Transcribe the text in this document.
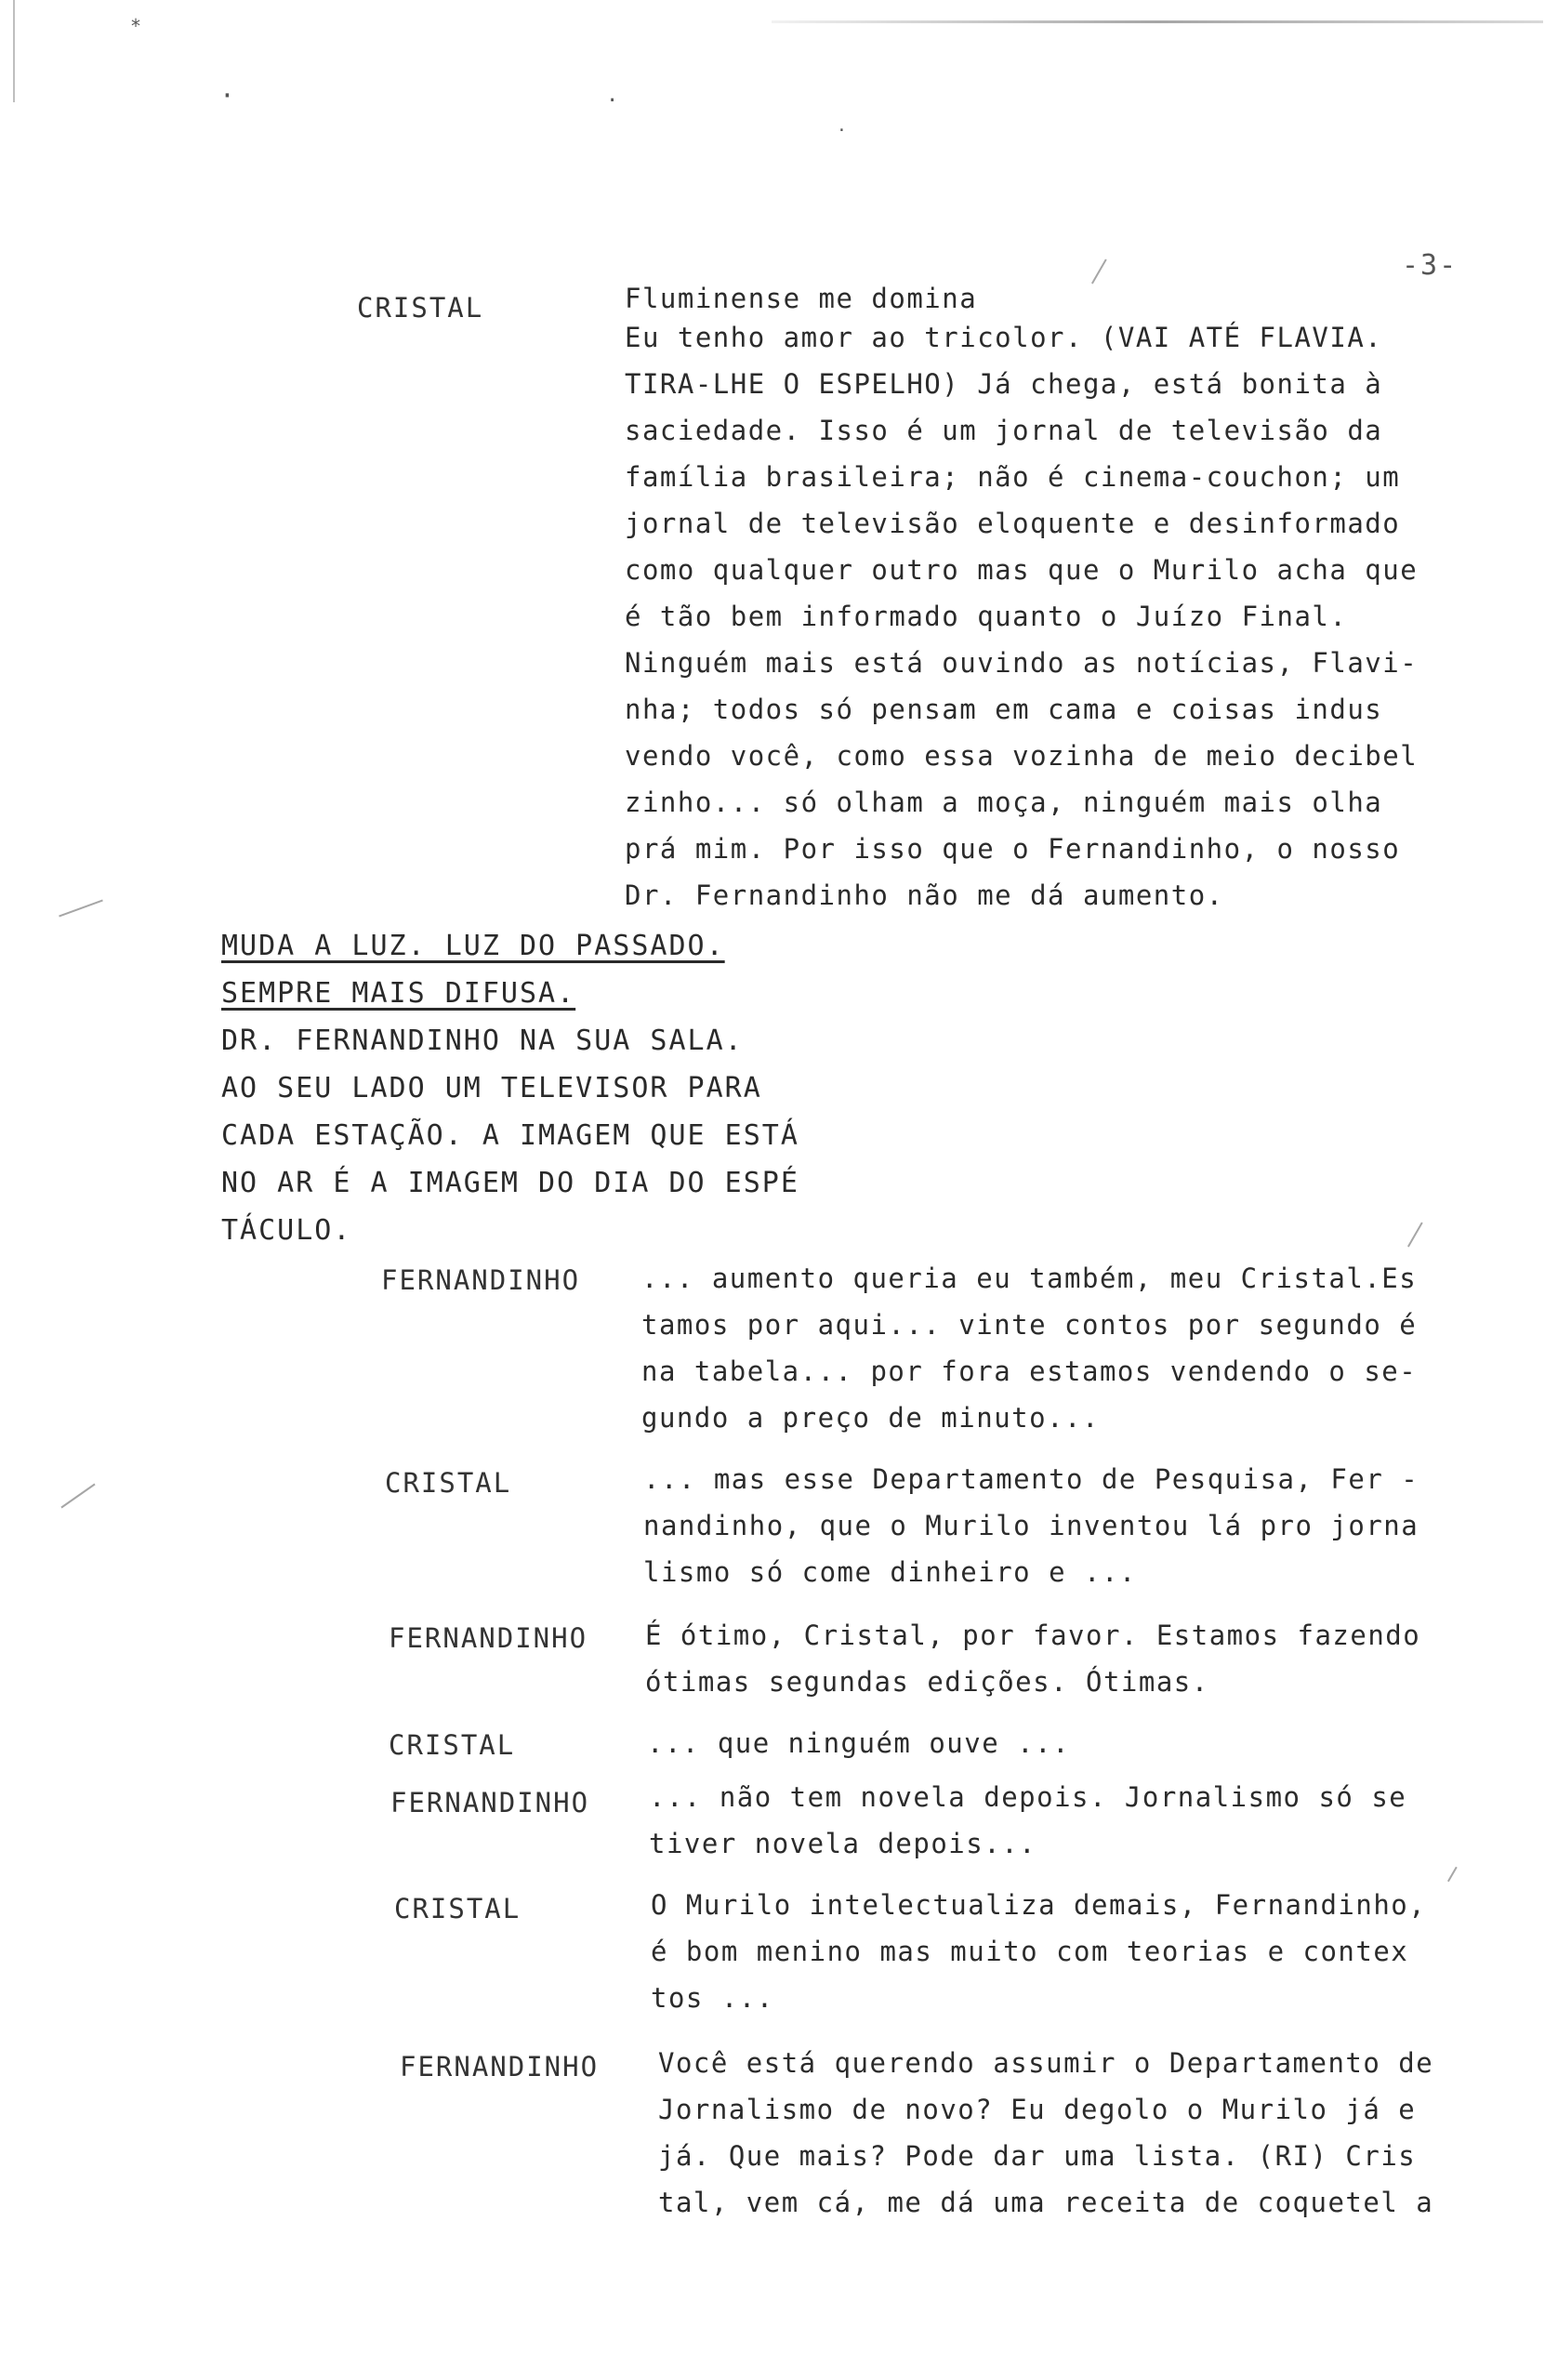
·	.
·
*
-3-
CRISTAL	Fluminense me domina
Eu tenho amor ao tricolor. (VAI ATÉ FLAVIA.
TIRA-LHE O ESPELHO) Já chega, está bonita à
saciedade. Isso é um jornal de televisão da
família brasileira; não é cinema-couchon; um
jornal de televisão eloquente e desinformado
como qualquer outro mas que o Murilo acha que
é tão bem informado quanto o Juízo Final.
Ninguém mais está ouvindo as notícias, Flavi-
nha; todos só pensam em cama e coisas indus
vendo você, como essa vozinha de meio decibel
zinho... só olham a moça, ninguém mais olha
prá mim. Por isso que o Fernandinho, o nosso
Dr. Fernandinho não me dá aumento.
MUDA A LUZ. LUZ DO PASSADO.
SEMPRE MAIS DIFUSA.
DR. FERNANDINHO NA SUA SALA.
AO SEU LADO UM TELEVISOR PARA
CADA ESTAÇÃO. A IMAGEM QUE ESTÁ
NO AR É A IMAGEM DO DIA DO ESPÉ
TÁCULO.
FERNANDINHO ... aumento queria eu também, meu Cristal.Es
tamos por aqui... vinte contos por segundo é
na tabela... por fora estamos vendendo o se-
gundo a preço de minuto...
CRISTAL	... mas esse Departamento de Pesquisa, Fer -
nandinho, que o Murilo inventou lá pro jorna
lismo só come dinheiro e ...
FERNANDINHO É ótimo, Cristal, por favor. Estamos fazendo
ótimas segundas edições. Ótimas.
CRISTAL	... que ninguém ouve ...
FERNANDINHO ... não tem novela depois. Jornalismo só se
tiver novela depois...
CRISTAL	O Murilo intelectualiza demais, Fernandinho,
é bom menino mas muito com teorias e contex
tos ...
FERNANDINHO Você está querendo assumir o Departamento de
Jornalismo de novo? Eu degolo o Murilo já e
já. Que mais? Pode dar uma lista. (RI) Cris
tal, vem cá, me dá uma receita de coquetel a
